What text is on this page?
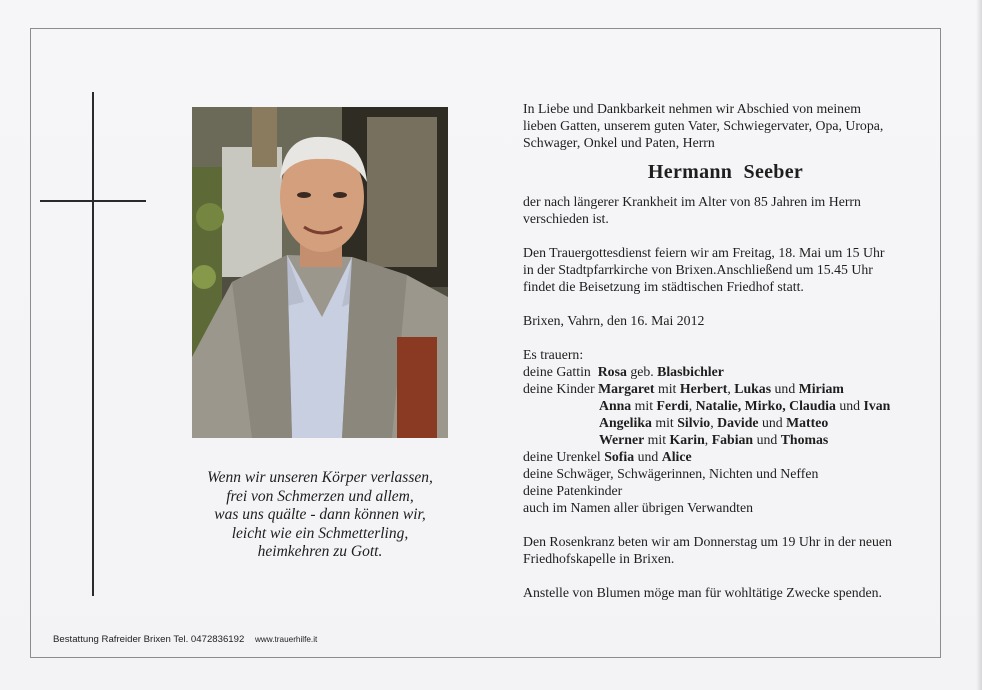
Wenn wir unseren Körper verlassen,
frei von Schmerzen und allem,
was uns quälte - dann können wir,
leicht wie ein Schmetterling,
heimkehren zu Gott.

In Liebe und Dankbarkeit nehmen wir Abschied von meinem
lieben Gatten, unserem guten Vater, Schwiegervater, Opa, Uropa,
Schwager, Onkel und Paten, Herrn

Hermann Seeber

der nach längerer Krankheit im Alter von 85 Jahren im Herrn
verschieden ist.

Den Trauergottesdienst feiern wir am Freitag, 18. Mai um 15 Uhr
in der Stadtpfarrkirche von Brixen.Anschließend um 15.45 Uhr
findet die Beisetzung im städtischen Friedhof statt.

Brixen, Vahrn, den 16. Mai 2012

Es trauern:
deine Gattin Rosa geb. Blasbichler
deine Kinder Margaret mit Herbert, Lukas und Miriam
Anna mit Ferdi, Natalie, Mirko, Claudia und Ivan
Angelika mit Silvio, Davide und Matteo
Werner mit Karin, Fabian und Thomas
deine Urenkel Sofia und Alice
deine Schwäger, Schwägerinnen, Nichten und Neffen
deine Patenkinder
auch im Namen aller übrigen Verwandten

Den Rosenkranz beten wir am Donnerstag um 19 Uhr in der neuen
Friedhofskapelle in Brixen.

Anstelle von Blumen möge man für wohltätige Zwecke spenden.

Bestattung Rafreider Brixen Tel. 0472836192 www.trauerhilfe.it
